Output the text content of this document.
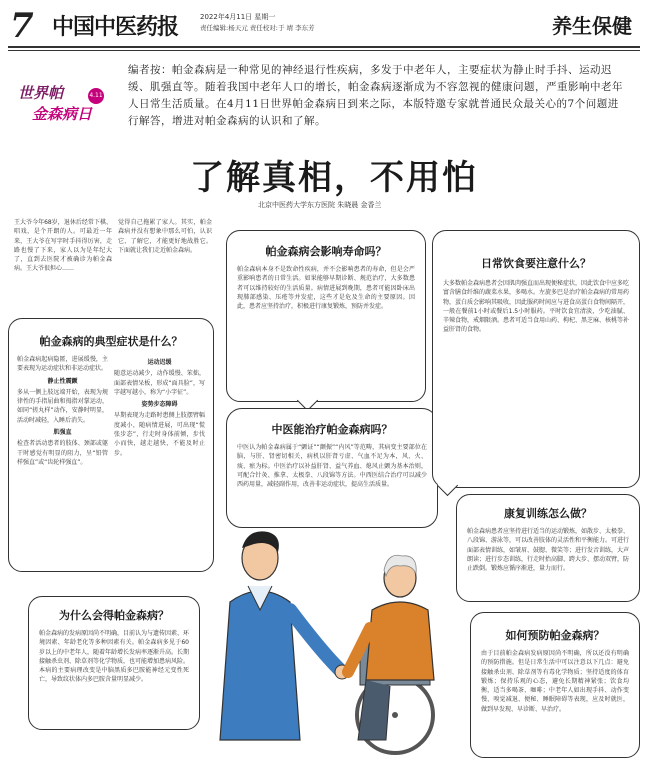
7 中国中医药报	2022年4月11日 星期一
责任编辑:杨天元 责任校对:于 靖 李东芳	养生保健
世界帕
金森病日
4.11
编者按：帕金森病是一种常见的神经退行性疾病，多发于中老年人，主要症状为静止时手抖、运动迟缓、肌强直等。随着我国中老年人口的增长，帕金森病逐渐成为不容忽视的健康问题，严重影响中老年人日常生活质量。在4月11日世界帕金森病日到来之际，本版特邀专家就普通民众最关心的7个问题进行解答，增进对帕金森病的认识和了解。
了解真相，不用怕
北京中医药大学东方医院 朱晓晨 金香兰
王大爷今年68岁，退休后经常下棋、唱戏，是个开朗的人。可最近一年来，王大爷在写字时手抖得厉害，走路也慢了下来，家人以为是年纪大了，直到去医院才被确诊为帕金森病。王大爷很担心……
觉得自己拖累了家人。其实，帕金森病并没有想象中那么可怕，认识它、了解它，才能更好地战胜它。下面就让我们走近帕金森病。
帕金森病的典型症状是什么？
帕金森病起病隐匿，进展缓慢，主要表现为运动症状和非运动症状。
静止性震颤
多从一侧上肢远端开始，表现为规律性的手指屈曲和拇指对掌运动，如同“搓丸样”动作，安静时明显，活动时减轻，入睡后消失。
肌强直
检查者活动患者的肢体、颈部或躯干时感觉有明显的阻力，呈“铅管样强直”或“齿轮样强直”。
运动迟缓
随意运动减少，动作缓慢、笨拙，面部表情呆板，形成“面具脸”，写字越写越小，称为“小字征”。
姿势步态障碍
早期表现为走路时患侧上肢摆臂幅度减小，随病情进展，可出现“慌张步态”，行走时身体前倾，步伐小而快，越走越快，不能及时止步。
帕金森病会影响寿命吗？
帕金森病本身不是致命性疾病，并不会影响患者的寿命，但是会严重影响患者的日常生活。如果能够早期诊断、规范治疗，大多数患者可以维持较好的生活质量。病情进展到晚期，患者可能因卧床出现肺部感染、压疮等并发症，这些才是危及生命的主要原因。因此，患者应坚持治疗，积极进行康复锻炼，预防并发症。
中医能治疗帕金森病吗？
中医认为帕金森病属于“颤证”“颤振”“内风”等范畴，其病变主要部位在脑，与肝、肾密切相关，病机以肝肾亏虚、气血不足为本，风、火、痰、瘀为标。中医治疗以补益肝肾、益气养血、熄风止颤为基本治则，可配合针灸、推拿、太极拳、八段锦等方法。中西医结合治疗可以减少西药用量，减轻副作用，改善非运动症状，提高生活质量。
日常饮食要注意什么？
大多数帕金森病患者会因肌肉强直而出现便秘症状，因此饮食中应多吃富含膳食纤维的蔬菜水果，多喝水。左旋多巴是治疗帕金森病的常用药物，蛋白质会影响其吸收，因此服药时间应与进食高蛋白食物间隔开，一般在餐前1小时或餐后1.5小时服药。平时饮食宜清淡，少吃油腻、辛辣食物，戒烟限酒。患者可适当食用山药、枸杞、黑芝麻、核桃等补益肝肾的食物。
康复训练怎么做？
帕金森病患者应坚持进行适当的运动锻炼，如散步、太极拳、八段锦、游泳等，可以改善肢体的灵活性和平衡能力。可进行面部表情训练，如皱眉、鼓腮、微笑等；进行发音训练，大声朗读；进行步态训练，行走时抬高脚、跨大步、摆动双臂，防止跌倒。锻炼应循序渐进，量力而行。
为什么会得帕金森病？
帕金森病的发病原因尚不明确，目前认为与遗传因素、环境因素、年龄老化等多种因素有关。帕金森病多见于60岁以上的中老年人，随着年龄增长发病率逐渐升高。长期接触杀虫剂、除草剂等化学物质，也可能增加患病风险。本病的主要病理改变是中脑黑质多巴胺能神经元变性死亡，导致纹状体内多巴胺含量明显减少。
如何预防帕金森病？
由于目前帕金森病发病原因尚不明确，所以还没有明确的预防措施。但是日常生活中可以注意以下几点：避免接触杀虫剂、除草剂等有毒化学物质；坚持适度的体育锻炼；保持乐观的心态，避免长期精神紧张；饮食均衡，适当多喝茶、咖啡；中老年人如出现手抖、动作变慢、嗅觉减退、便秘、睡眠障碍等表现，应及时就医，做到早发现、早诊断、早治疗。
